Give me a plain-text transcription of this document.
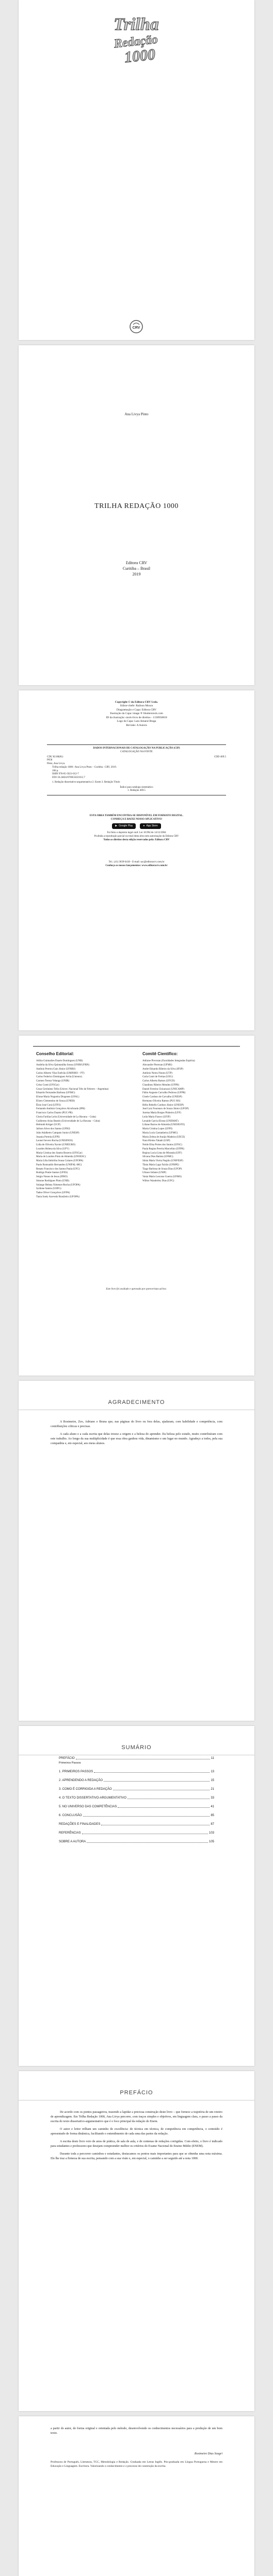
Trilha
Redação
1000
CRV
Ana Livya Pinto
TRILHA REDAÇÃO 1000
Editora CRV
Curitiba – Brasil
2019
Copyright © da Editora CRV Ltda.
Editor-chefe: Railson Moura
Diagramação e Capa: Editora CRV
Ilustração da Capa: image ® Shutterstock.com
ID da ilustração: stock-livro de direitos - 1158950818
Logo da Capa: Lara Amaral Braga
Revisão: A Autora
DADOS INTERNACIONAIS DE CATALOGAÇÃO NA PUBLICAÇÃO (CIP)
CATALOGAÇÃO NA FONTE
CDU 82.08(81)	CDD 469.5
P658
Pinto, Ana Livya.
Trilha redação 1000 / Ana Livya Pinto – Curitiba : CRV, 2019.
106 p.
ISBN 978-65-5021-012-7
DOI 10.24824/978655021012.7
1. Redação dissertativo-argumentativa 2. Enem 3. Redação Título
Índice para catálogo sistemático
1. Redação 469.5
ESTA OBRA TAMBÉM ENCONTRA-SE DISPONÍVEL EM FORMATO DIGITAL.
CONHEÇA E BAIXE NOSSO APLICATIVO!
▶ Google Play	● App Store
Foi feito o depósito legal conf. Lei 10.994 de 14/12/2004
Proibida a reprodução parcial ou total desta obra sem autorização da Editora CRV
Todos os direitos desta edição reservados pela: Editora CRV
Tel.: (41) 3039-6418 - E-mail: sac@editoracrv.com.br
Conheça os nossos lançamentos: www.editoracrv.com.br
Conselho Editorial:
Aldira Guimarães Duarte Domínguez (UNB)
Andréia da Silva Quintanilha Sousa (UNIR/UFRN)
Antônio Pereira Gaio Júnior (UFRRJ)
Carlos Alberto Vilar Estêvão (UMINHO – PT)
Carlos Federico Dominguez Avila (Unieuro)
Carmen Tereza Velanga (UNIR)
Celso Conti (UFSCar)
Cesar Gerónimo Tello (Univer. Nacional Três de Febrero – Argentina)
Eduardo Fernandes Barbosa (UFMG)
Elione Maria Nogueira Diogenes (UFAL)
Elizeu Clementino de Souza (UNEB)
Élsio José Corá (UFFS)
Fernando Antônio Gonçalves Alcoforado (IPB)
Francisco Carlos Duarte (PUC-PR)
Gloria Fariñas León (Universidade de La Havana – Cuba)
Guillermo Arias Beatón (Universidade de La Havana – Cuba)
Helmuth Krüger (UCP)
Jailson Alves dos Santos (UFRJ)
João Adalberto Campato Junior (UNESP)
Josania Portela (UFPI)
Leonel Severo Rocha (UNISINOS)
Lídia de Oliveira Xavier (UNIEURO)
Lourdes Helena da Silva (UFV)
Maria Cristina dos Santos Bezerra (UFSCar)
Maria de Lourdes Pinto de Almeida (UNOESC)
Maria Lília Imbiriba Sousa Colares (UFOPA)
Paulo Romualdo Hernandes (UNIFAL-MG)
Renato Francisco dos Santos Paula (UFG)
Rodrigo Pratte-Santos (UFES)
Sérgio Nunes de Jesus (IFRO)
Simone Rodrigues Pinto (UNB)
Solange Helena Ximenes-Rocha (UFOPA)
Sydione Santos (UEPG)
Tadeu Oliver Gonçalves (UFPA)
Tania Suely Azevedo Brasileiro (UFOPA)
Comitê Científico:
Adriane Piovezan (Faculdades Integradas Espírita)
Alexandre Pierezan (UFMS)
Andre Eduardo Ribeiro da Silva (IFSP)
Antônio Nereu Nunes (UTP)
Carla Conti de Freitas (UEG)
Carlos Alberto Ramos (UFGD)
Claudiney Ribeiro Mendes (UFPR)
Daniel Ferreira Chicaruzzi (UNICAMP)
Fábio Augusto Carvalho Pedroso (UFPR)
Gisele Cardoso de Carvalho (UNESP)
Hermano Oliveira Ramos (PUC-RS)
Hélio Rebello Cardoso Júnior (UNESP)
José Luiz Foureaux de Souza Júnior (UFOP)
Jurema Maria Borges Pinheiro (UFF)
Leila Maria Franco (UFJF)
Lenaide Garcia Elosta (UNEMAT)
Liliane Barros de Almeida (UNIOESTE)
Maria Cristina Lopes (UFPI)
Maria Lucia Castanheira (UFMG)
Maria Zelma de Araújo Madeira (UECE)
Nara Hiroko Takaki (USP)
Neide Elisa Portes dos Santos (UFSC)
Paula Regina Pereira Marcelino (UFPR)
Regina Lucia Lima de Miranda (UFF)
Silvana Dias Batista (UFMG)
Sônia Maria Vieira Negrão (UNIFESP)
Tânia Maria Lago Falcão (UFRPE)
Tiago Barbosa de Souza Dias (UFOP)
Ulisses Infante (UNIP)
Vania Maria Lescano Guerra (UFMS)
Wilton Wanderley Dias (UFG)
Este livro foi avaliado e aprovado por pareceristas ad hoc.
AGRADECIMENTO

A Rosimeire, Zeo, Adriano e Bruna que, nas páginas do livro ou fora delas, ajudaram, com habilidade e competência, com contribuições críticas e precisas.

A cada aluno e a cada escrita que delas trouxe a origem e a beleza do aprender. Da beleza pelo estudo, muito contribuíram com este trabalho. Ao longo da sua multiplicidade é que essa obra ganhou vida, dinamismo e um lugar no mundo. Agradeço a todos, pela sua companhia e, em especial, aos meus alunos.

SUMÁRIO
PREFÁCIO	11
Primeiros Passos
1. PRIMEIROS PASSOS	13
2. APRENDENDO A REDAÇÃO	15
3. COMO É CORRIGIDA A REDAÇÃO	21
4. O TEXTO DISSERTATIVO-ARGUMENTATIVO	33
5. NO UNIVERSO DAS COMPETÊNCIAS	41
6. CONCLUSÃO	85
REDAÇÕES E FINALIDADES	87
REFERÊNCIAS	103
SOBRE A AUTORA	105
PREFÁCIO

De acordo com os pontos passageiros, trazendo a lapidar a preciosa construção deste livro – que fornece a trajetória de um roteiro de aprendizagem. Em Trilha Redação 1000, Ana Livya percorre, com traços simples e objetivos, em linguagem clara, o passo a passo da escrita do texto dissertativo-argumentativo que é o foco principal da redação do Enem.

O autor e leitor trilham um caminho de excelência: de técnica em técnica, de competência em competência, o conteúdo é apresentado de forma dinâmica, facilitando o entendimento de cada uma das partes da redação.

A escrita deste livro veio de anos de prática, de sala de aula, e de centenas de redações corrigidas. Com efeito, o livro é indicado para estudantes e professores que desejam compreender melhor os critérios do Exame Nacional do Ensino Médio (ENEM).

Durante toda a percorrer caminhos e estudantes, destacamos os pontos mais importantes para que se obtenha uma nota máxima. Ele lhe traz a firmeza de sua escrita, pensando com a sua visão e, em especial, o caminho a ser seguido até a nota 1000.

a partir do autor, de forma original e orientada pelo método, desenvolvendo os conhecimentos necessários para a produção de um bom texto.

Rosimeire Dias Seagri
Professora de Português, Literatura, TCC, Metodologia e Redação. Graduada em Letras Inglês. Pós-graduada em Língua Portuguesa e Mestre em Educação e Linguagem. Escritora. Valorizando o conhecimento e o processo de construção da escrita.
